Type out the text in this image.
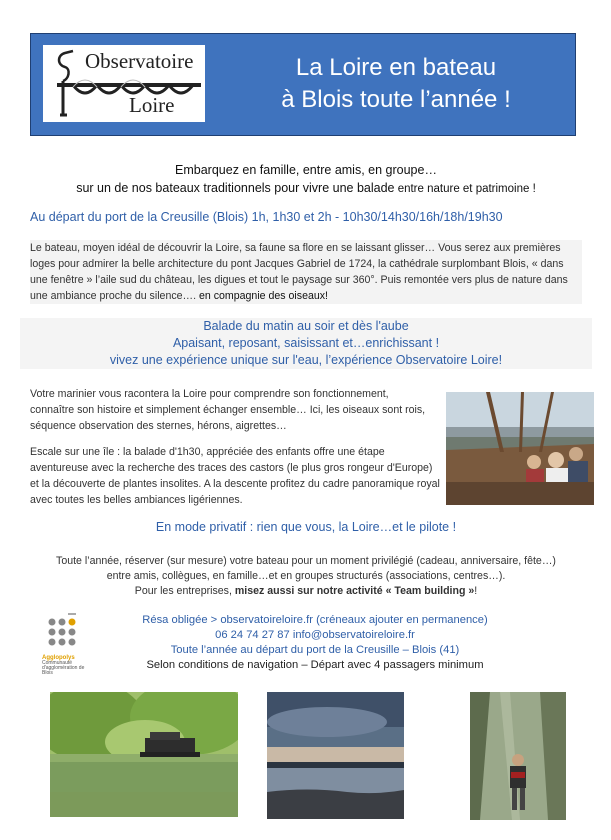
Observatoire
Loire
La Loire en bateau
à Blois toute l’année !
Embarquez en famille, entre amis, en groupe…
sur un de nos bateaux traditionnels pour vivre une balade entre nature et patrimoine !
Au départ du port de la Creusille (Blois) 1h, 1h30 et 2h - 10h30/14h30/16h/18h/19h30
Le bateau, moyen idéal de découvrir la Loire, sa faune sa flore en se laissant glisser… Vous serez aux premières loges pour admirer la belle architecture du pont Jacques Gabriel de 1724, la cathédrale surplombant Blois, « dans une fenêtre » l’aile sud du château, les digues et tout le paysage sur 360°. Puis remontée vers plus de nature dans une ambiance proche du silence…. en compagnie des oiseaux!
Balade du matin au soir et dès l'aube
Apaisant, reposant, saisissant et…enrichissant !
vivez une expérience unique sur l'eau, l’expérience Observatoire Loire!
Votre marinier vous racontera la Loire pour comprendre son fonctionnement, connaître son histoire et simplement échanger ensemble… Ici, les oiseaux sont rois, séquence observation des sternes, hérons, aigrettes…
Escale sur une île : la balade d'1h30, appréciée des enfants offre une étape aventureuse avec la recherche des traces des castors (le plus gros rongeur d'Europe) et la découverte de plantes insolites. A la descente profitez du cadre panoramique royal avec toutes les belles ambiances ligériennes.
En mode privatif : rien que vous, la Loire…et le pilote !
Toute l’année, réserver (sur mesure) votre bateau pour un moment privilégié (cadeau, anniversaire, fête…)
entre amis, collègues, en famille…et en groupes structurés (associations, centres…).
Pour les entreprises, misez aussi sur notre activité « Team building »!
Agglopolys
Communauté d'agglomération de Blois
Résa obligée > observatoireloire.fr (créneaux ajouter en permanence)
06 24 74 27 87 info@observatoireloire.fr
Toute l’année au départ du port de la Creusille – Blois (41)
Selon conditions de navigation – Départ avec 4 passagers minimum
